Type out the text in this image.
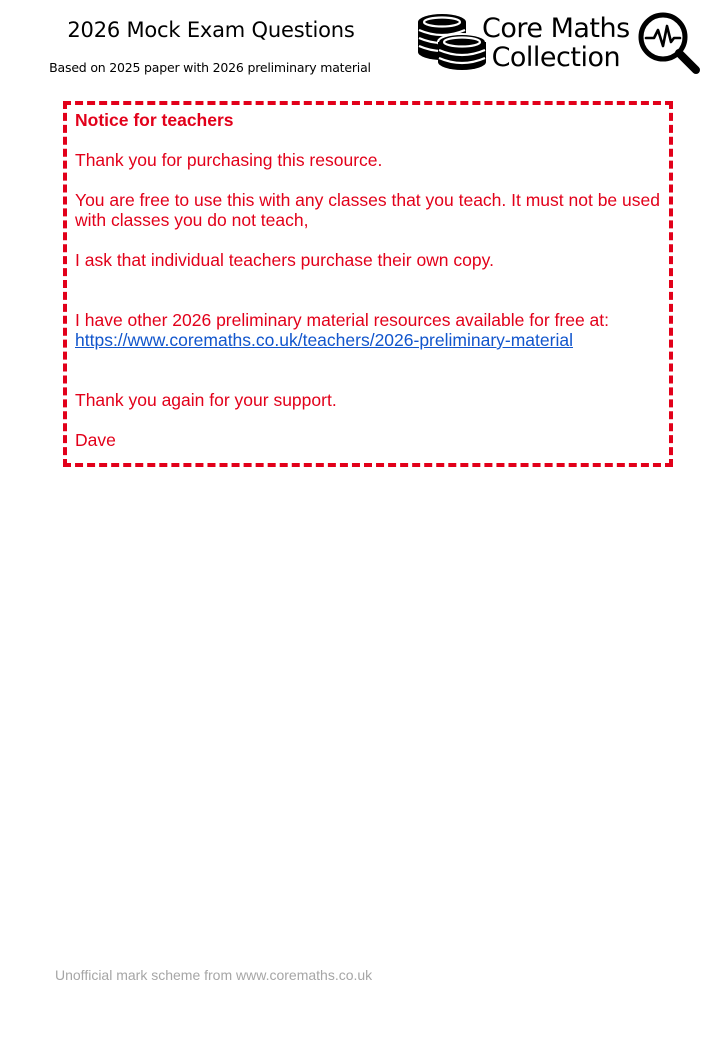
2026 Mock Exam Questions
Based on 2025 paper with 2026 preliminary material
Core Maths
Collection
Notice for teachers

Thank you for purchasing this resource.

You are free to use this with any classes that you teach. It must not be used with classes you do not teach,

I ask that individual teachers purchase their own copy.

I have other 2026 preliminary material resources available for free at:
https://www.coremaths.co.uk/teachers/2026-preliminary-material

Thank you again for your support.

Dave

Unofficial mark scheme from www.coremaths.co.uk
